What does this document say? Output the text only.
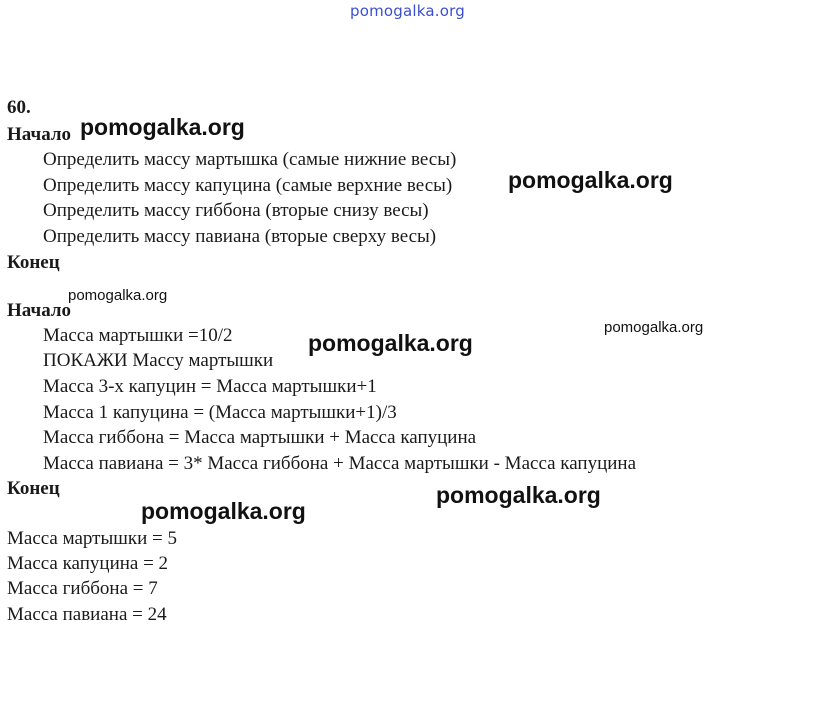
pomogalka.org
60.
Начало
Определить массу мартышка (самые нижние весы)
Определить массу капуцина (самые верхние весы)
Определить массу гиббона (вторые снизу весы)
Определить массу павиана (вторые сверху весы)
Конец
Начало
Масса мартышки =10/2
ПОКАЖИ Массу мартышки
Масса 3-х капуцин = Масса мартышки+1
Масса 1 капуцина = (Масса мартышки+1)/3
Масса гиббона = Масса мартышки + Масса капуцина
Масса павиана = 3* Масса гиббона + Масса мартышки - Масса капуцина
Конец
Масса мартышки = 5
Масса капуцина = 2
Масса гиббона = 7
Масса павиана = 24
pomogalka.org
pomogalka.org
pomogalka.org
pomogalka.org
pomogalka.org
pomogalka.org
pomogalka.org
